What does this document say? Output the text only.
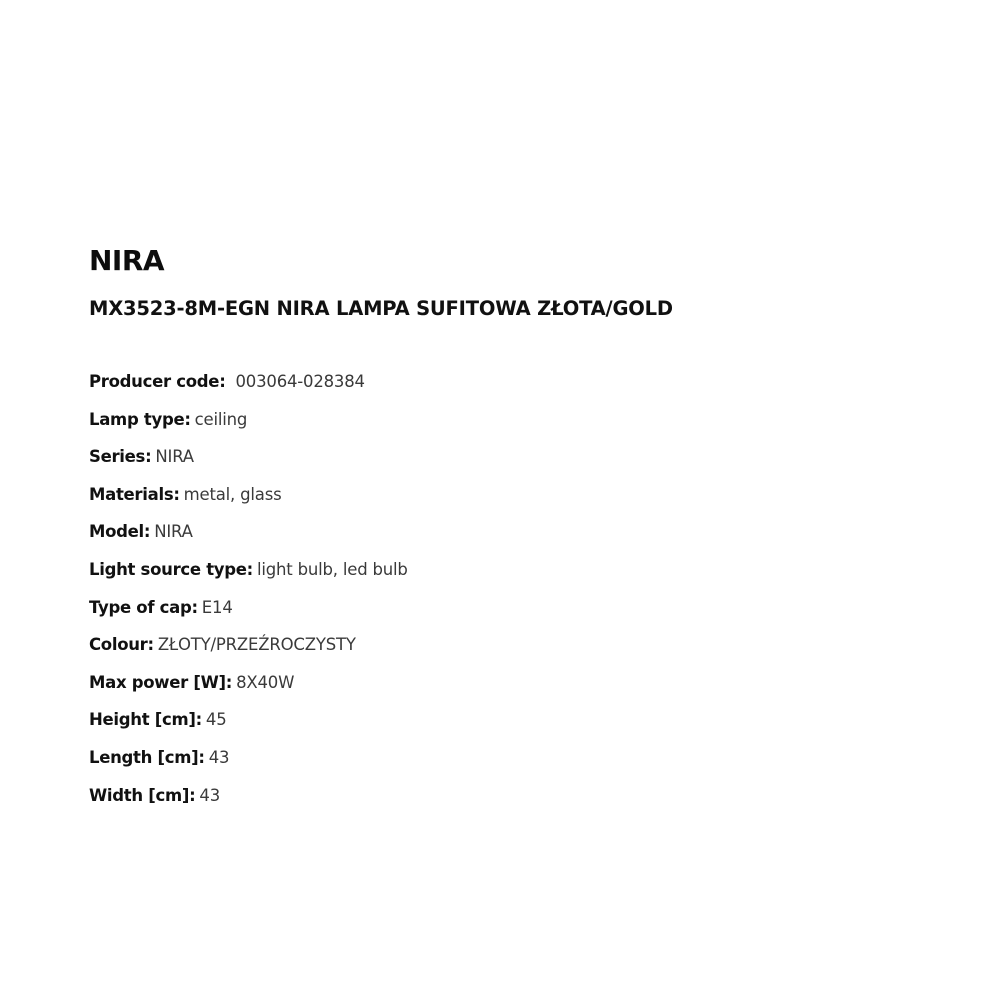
NIRA
MX3523-8M-EGN NIRA LAMPA SUFITOWA ZŁOTA/GOLD
Producer code: 003064-028384
Lamp type: ceiling
Series: NIRA
Materials: metal, glass
Model: NIRA
Light source type: light bulb, led bulb
Type of cap: E14
Colour: ZŁOTY/PRZEŹROCZYSTY
Max power [W]: 8X40W
Height [cm]: 45
Length [cm]: 43
Width [cm]: 43
